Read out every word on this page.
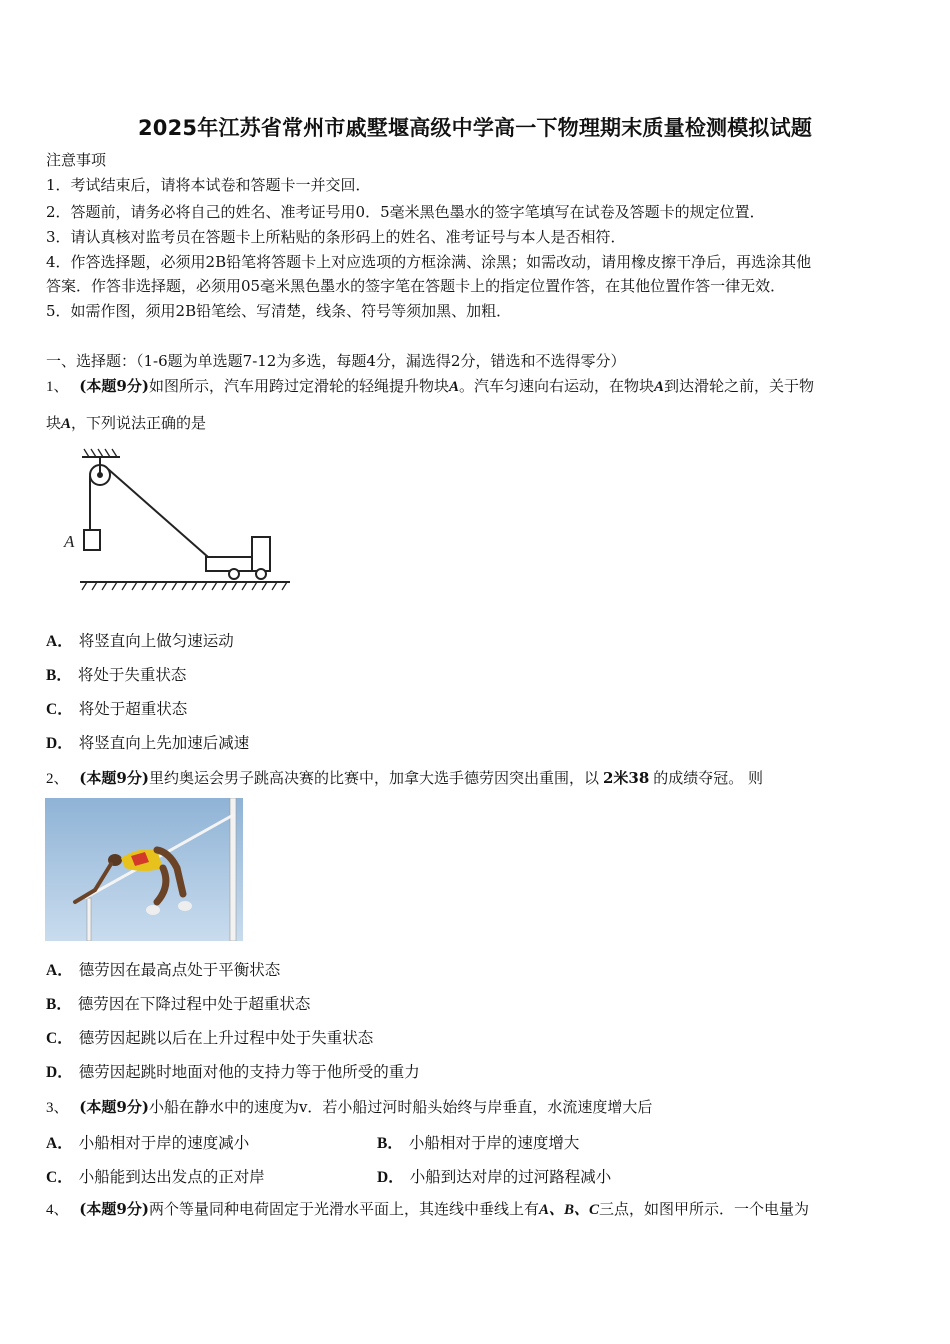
2025年江苏省常州市戚墅堰高级中学高一下物理期末质量检测模拟试题
注意事项
1．考试结束后，请将本试卷和答题卡一并交回．
2．答题前，请务必将自己的姓名、准考证号用0．5毫米黑色墨水的签字笔填写在试卷及答题卡的规定位置．
3．请认真核对监考员在答题卡上所粘贴的条形码上的姓名、准考证号与本人是否相符．
4．作答选择题，必须用2B铅笔将答题卡上对应选项的方框涂满、涂黑；如需改动，请用橡皮擦干净后，再选涂其他
答案．作答非选择题，必须用05毫米黑色墨水的签字笔在答题卡上的指定位置作答，在其他位置作答一律无效．
5．如需作图，须用2B铅笔绘、写清楚，线条、符号等须加黑、加粗．
一、选择题：（1-6题为单选题7-12为多选，每题4分，漏选得2分，错选和不选得零分）
1、 (本题9分)如图所示，汽车用跨过定滑轮的轻绳提升物块A。汽车匀速向右运动，在物块A到达滑轮之前，关于物
块A，下列说法正确的是
A
A． 将竖直向上做匀速运动
B． 将处于失重状态
C． 将处于超重状态
D． 将竖直向上先加速后减速
2、 (本题9分)里约奥运会男子跳高决赛的比赛中，加拿大选手德劳因突出重围，以 2米38 的成绩夺冠。 则
A． 德劳因在最高点处于平衡状态
B． 德劳因在下降过程中处于超重状态
C． 德劳因起跳以后在上升过程中处于失重状态
D． 德劳因起跳时地面对他的支持力等于他所受的重力
3、 (本题9分)小船在静水中的速度为v．若小船过河时船头始终与岸垂直，水流速度增大后
A． 小船相对于岸的速度减小	B． 小船相对于岸的速度增大
C． 小船能到达出发点的正对岸	D． 小船到达对岸的过河路程减小
4、 (本题9分)两个等量同种电荷固定于光滑水平面上，其连线中垂线上有A、B、C三点，如图甲所示．一个电量为
